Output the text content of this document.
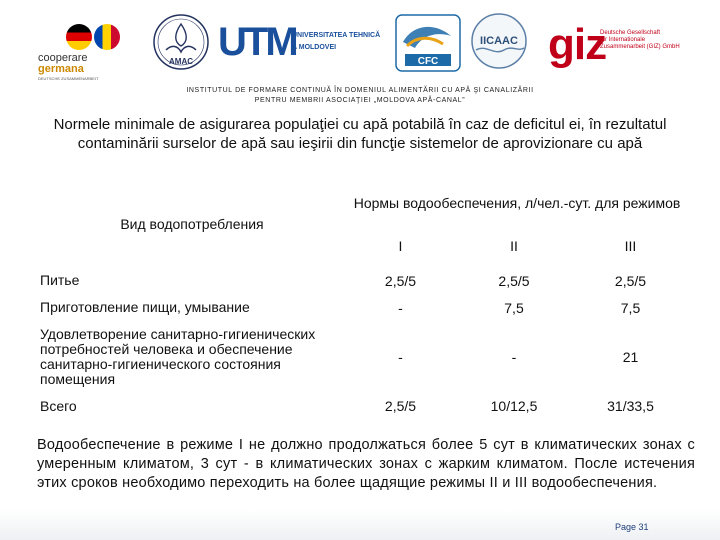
cooperare
germana
DEUTSCHE ZUSAMMENARBEIT
AMAC UTM
UNIVERSITATEA TEHNICĂ
A MOLDOVEI
CFC
IICAAC giz
Deutsche Gesellschaft
für Internationale
Zusammenarbeit (GIZ) GmbH
INSTITUTUL DE FORMARE CONTINUĂ ÎN DOMENIUL ALIMENTĂRII CU APĂ ŞI CANALIZĂRII
PENTRU MEMBRII ASOCIAŢIEI „MOLDOVA APĂ-CANAL”
Normele minimale de asigurarea populaţiei cu apă potabilă în caz de deficitul ei, în rezultatul contaminării surselor de apă sau ieşirii din funcţie sistemelor de aprovizionare cu apă
Вид водопотребления	Нормы водообеспечения, л/чел.-сут. для режимов		
	I	II	III
Питье	2,5/5	2,5/5	2,5/5
Приготовление пищи, умывание	-	7,5	7,5
Удовлетворение санитарно-гигиенических потребностей человека и обеспечение санитарно-гигиенического состояния помещения	-	-	21
Всего	2,5/5	10/12,5	31/33,5
Водообеспечение в режиме I не должно продолжаться более 5 сут в климатических зонах с умеренным климатом, 3 сут - в климатических зонах с жарким климатом. После истечения этих сроков необходимо переходить на более щадящие режимы II и III водообеспечения.
Page 31
